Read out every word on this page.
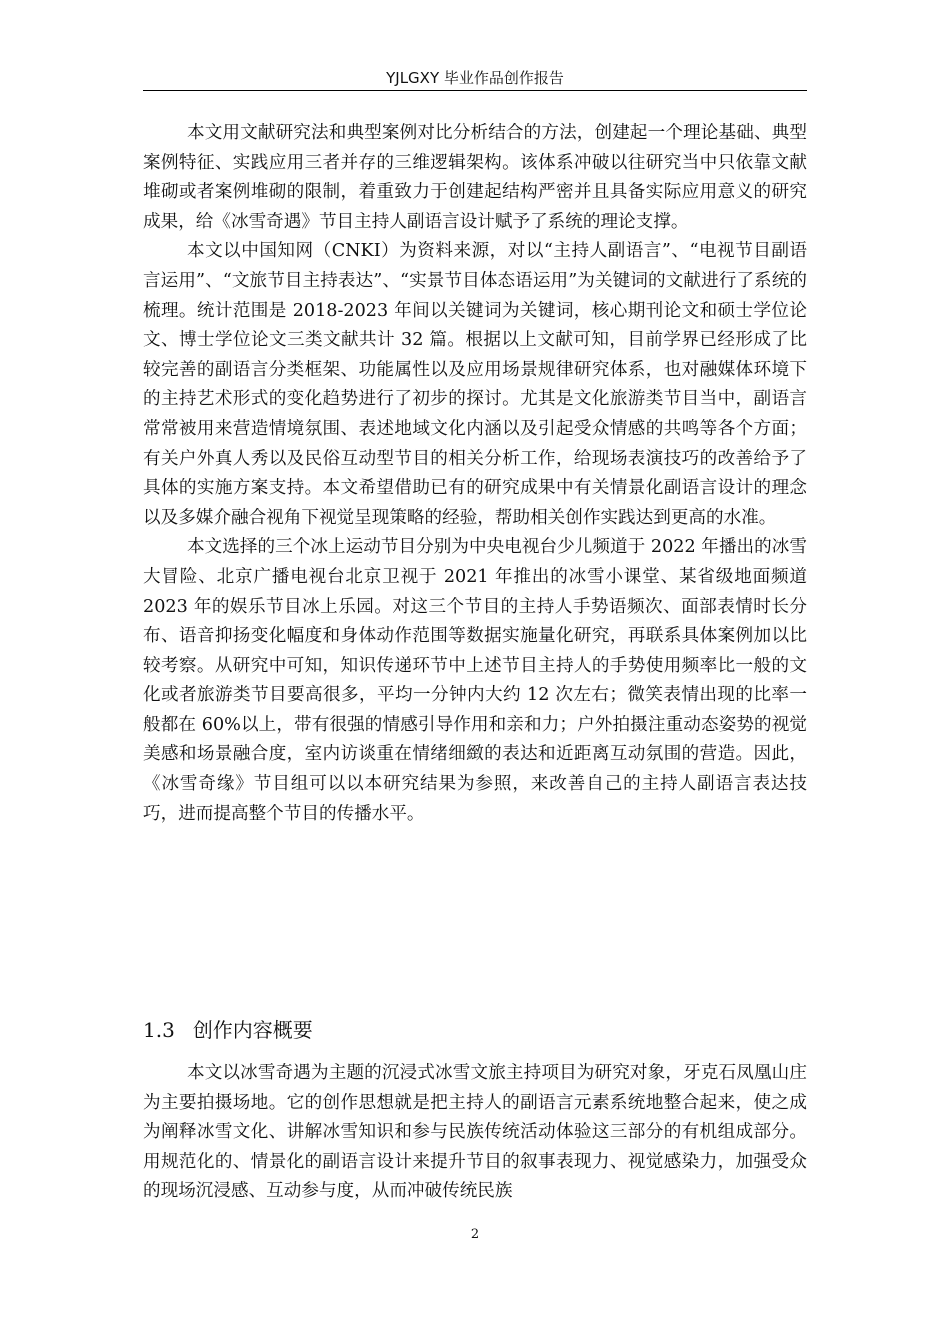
YJLGXY 毕业作品创作报告

本文用文献研究法和典型案例对比分析结合的方法，创建起一个理论基础、典型案例特征、实践应用三者并存的三维逻辑架构。该体系冲破以往研究当中只依靠文献堆砌或者案例堆砌的限制，着重致力于创建起结构严密并且具备实际应用意义的研究成果，给《冰雪奇遇》节目主持人副语言设计赋予了系统的理论支撑。

本文以中国知网（CNKI）为资料来源，对以“主持人副语言”、“电视节目副语言运用”、“文旅节目主持表达”、“实景节目体态语运用”为关键词的文献进行了系统的梳理。统计范围是 2018-2023 年间以关键词为关键词，核心期刊论文和硕士学位论文、博士学位论文三类文献共计 32 篇。根据以上文献可知，目前学界已经形成了比较完善的副语言分类框架、功能属性以及应用场景规律研究体系，也对融媒体环境下的主持艺术形式的变化趋势进行了初步的探讨。尤其是文化旅游类节目当中，副语言常常被用来营造情境氛围、表述地域文化内涵以及引起受众情感的共鸣等各个方面；有关户外真人秀以及民俗互动型节目的相关分析工作，给现场表演技巧的改善给予了具体的实施方案支持。本文希望借助已有的研究成果中有关情景化副语言设计的理念以及多媒介融合视角下视觉呈现策略的经验，帮助相关创作实践达到更高的水准。

本文选择的三个冰上运动节目分别为中央电视台少儿频道于 2022 年播出的冰雪大冒险、北京广播电视台北京卫视于 2021 年推出的冰雪小课堂、某省级地面频道 2023 年的娱乐节目冰上乐园。对这三个节目的主持人手势语频次、面部表情时长分布、语音抑扬变化幅度和身体动作范围等数据实施量化研究，再联系具体案例加以比较考察。从研究中可知，知识传递环节中上述节目主持人的手势使用频率比一般的文化或者旅游类节目要高很多，平均一分钟内大约 12 次左右；微笑表情出现的比率一般都在 60%以上，带有很强的情感引导作用和亲和力；户外拍摄注重动态姿势的视觉美感和场景融合度，室内访谈重在情绪细緻的表达和近距离互动氛围的营造。因此，《冰雪奇缘》节目组可以以本研究结果为参照，来改善自己的主持人副语言表达技巧，进而提高整个节目的传播水平。

1.3 创作内容概要

本文以冰雪奇遇为主题的沉浸式冰雪文旅主持项目为研究对象，牙克石凤凰山庄为主要拍摄场地。它的创作思想就是把主持人的副语言元素系统地整合起来，使之成为阐释冰雪文化、讲解冰雪知识和参与民族传统活动体验这三部分的有机组成部分。用规范化的、情景化的副语言设计来提升节目的叙事表现力、视觉感染力，加强受众的现场沉浸感、互动参与度，从而冲破传统民族

2
